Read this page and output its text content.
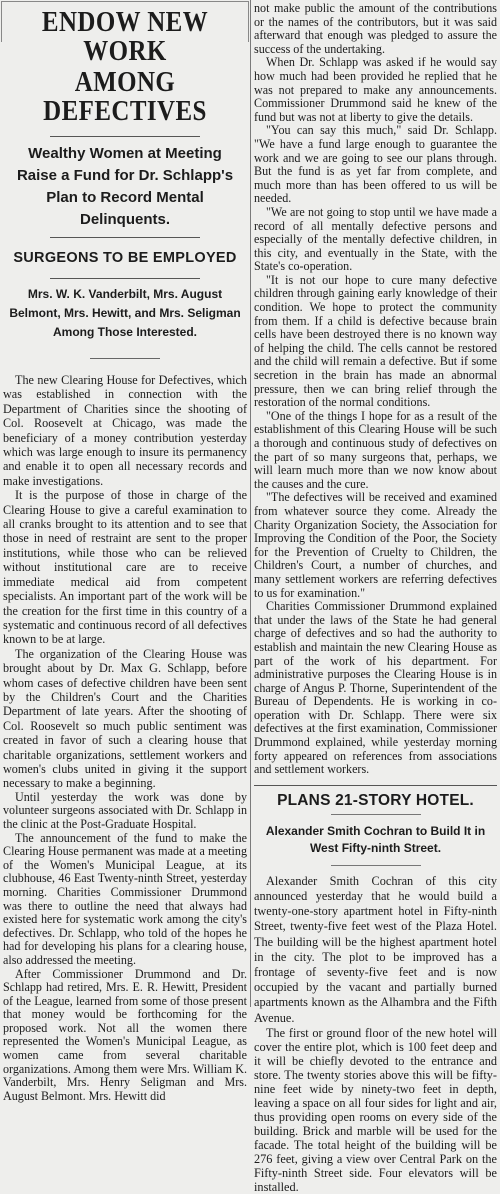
ENDOW NEW WORK
AMONG DEFECTIVES
Wealthy Women at Meeting Raise a Fund for Dr. Schlapp's Plan to Record Mental Delinquents.
SURGEONS TO BE EMPLOYED
Mrs. W. K. Vanderbilt, Mrs. August Belmont, Mrs. Hewitt, and Mrs. Seligman Among Those Interested.

The new Clearing House for Defectives, which was established in connection with the Department of Charities since the shooting of Col. Roosevelt at Chicago, was made the beneficiary of a money contribution yesterday which was large enough to insure its permanency and enable it to open all necessary records and make investigations.

It is the purpose of those in charge of the Clearing House to give a careful examination to all cranks brought to its attention and to see that those in need of restraint are sent to the proper institutions, while those who can be relieved without institutional care are to receive immediate medical aid from competent specialists. An important part of the work will be the creation for the first time in this country of a systematic and continuous record of all defectives known to be at large.

The organization of the Clearing House was brought about by Dr. Max G. Schlapp, before whom cases of defective children have been sent by the Children's Court and the Charities Department of late years. After the shooting of Col. Roosevelt so much public sentiment was created in favor of such a clearing house that charitable organizations, settlement workers and women's clubs united in giving it the support necessary to make a beginning.

Until yesterday the work was done by volunteer surgeons associated with Dr. Schlapp in the clinic at the Post-Graduate Hospital.

The announcement of the fund to make the Clearing House permanent was made at a meeting of the Women's Municipal League, at its clubhouse, 46 East Twenty-ninth Street, yesterday morning. Charities Commissioner Drummond was there to outline the need that always had existed here for systematic work among the city's defectives. Dr. Schlapp, who told of the hopes he had for developing his plans for a clearing house, also addressed the meeting.

After Commissioner Drummond and Dr. Schlapp had retired, Mrs. E. R. Hewitt, President of the League, learned from some of those present that money would be forthcoming for the proposed work. Not all the women there represented the Women's Municipal League, as women came from several charitable organizations. Among them were Mrs. William K. Vanderbilt, Mrs. Henry Seligman and Mrs. August Belmont. Mrs. Hewitt did

not make public the amount of the contributions or the names of the contributors, but it was said afterward that enough was pledged to assure the success of the undertaking.

When Dr. Schlapp was asked if he would say how much had been provided he replied that he was not prepared to make any announcements. Commissioner Drummond said he knew of the fund but was not at liberty to give the details.

"You can say this much," said Dr. Schlapp. "We have a fund large enough to guarantee the work and we are going to see our plans through. But the fund is as yet far from complete, and much more than has been offered to us will be needed.

"We are not going to stop until we have made a record of all mentally defective persons and especially of the mentally defective children, in this city, and eventually in the State, with the State's co-operation.

"It is not our hope to cure many defective children through gaining early knowledge of their condition. We hope to protect the community from them. If a child is defective because brain cells have been destroyed there is no known way of helping the child. The cells cannot be restored and the child will remain a defective. But if some secretion in the brain has made an abnormal pressure, then we can bring relief through the restoration of the normal conditions.

"One of the things I hope for as a result of the establishment of this Clearing House will be such a thorough and continuous study of defectives on the part of so many surgeons that, perhaps, we will learn much more than we now know about the causes and the cure.

"The defectives will be received and examined from whatever source they come. Already the Charity Organization Society, the Association for Improving the Condition of the Poor, the Society for the Prevention of Cruelty to Children, the Children's Court, a number of churches, and many settlement workers are referring defectives to us for examination."

Charities Commissioner Drummond explained that under the laws of the State he had general charge of defectives and so had the authority to establish and maintain the new Clearing House as part of the work of his department. For administrative purposes the Clearing House is in charge of Angus P. Thorne, Superintendent of the Bureau of Dependents. He is working in co-operation with Dr. Schlapp. There were six defectives at the first examination, Commissioner Drummond explained, while yesterday morning forty appeared on references from associations and settlement workers.

PLANS 21-STORY HOTEL.
Alexander Smith Cochran to Build It in West Fifty-ninth Street.

Alexander Smith Cochran of this city announced yesterday that he would build a twenty-one-story apartment hotel in Fifty-ninth Street, twenty-five feet west of the Plaza Hotel. The building will be the highest apartment hotel in the city. The plot to be improved has a frontage of seventy-five feet and is now occupied by the vacant and partially burned apartments known as the Alhambra and the Fifth Avenue.

The first or ground floor of the new hotel will cover the entire plot, which is 100 feet deep and it will be chiefly devoted to the entrance and store. The twenty stories above this will be fifty-nine feet wide by ninety-two feet in depth, leaving a space on all four sides for light and air, thus providing open rooms on every side of the building. Brick and marble will be used for the facade. The total height of the building will be 276 feet, giving a view over Central Park on the Fifty-ninth Street side. Four elevators will be installed.
